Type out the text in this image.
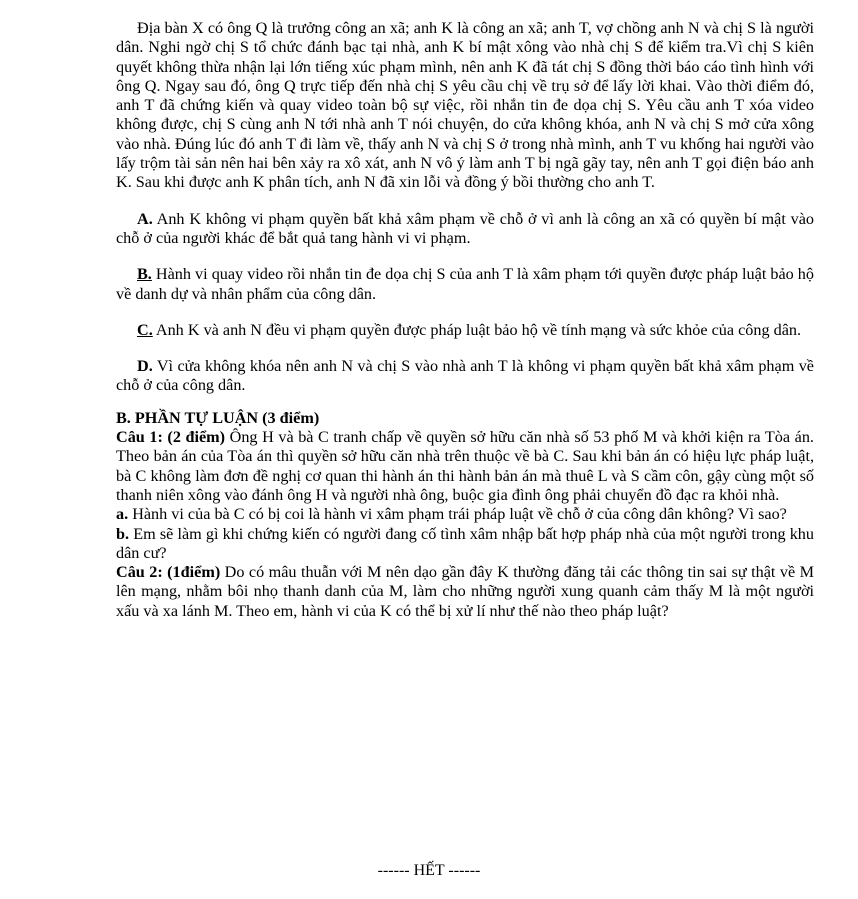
Địa bàn X có ông Q là trưởng công an xã; anh K là công an xã; anh T, vợ chồng anh N và chị S là người dân. Nghi ngờ chị S tổ chức đánh bạc tại nhà, anh K bí mật xông vào nhà chị S để kiểm tra.Vì chị S kiên quyết không thừa nhận lại lớn tiếng xúc phạm mình, nên anh K đã tát chị S đồng thời báo cáo tình hình với ông Q. Ngay sau đó, ông Q trực tiếp đến nhà chị S yêu cầu chị về trụ sở để lấy lời khai. Vào thời điểm đó, anh T đã chứng kiến và quay video toàn bộ sự việc, rồi nhắn tin đe dọa chị S. Yêu cầu anh T xóa video không được, chị S cùng anh N tới nhà anh T nói chuyện, do cửa không khóa, anh N và chị S mở cửa xông vào nhà. Đúng lúc đó anh T đi làm về, thấy anh N và chị S ở trong nhà mình, anh T vu khống hai người vào lấy trộm tài sản nên hai bên xảy ra xô xát, anh N vô ý làm anh T bị ngã gãy tay, nên anh T gọi điện báo anh K. Sau khi được anh K phân tích, anh N đã xin lỗi và đồng ý bồi thường cho anh T.

A. Anh K không vi phạm quyền bất khả xâm phạm về chỗ ở vì anh là công an xã có quyền bí mật vào chỗ ở của người khác để bắt quả tang hành vi vi phạm.

B. Hành vi quay video rồi nhắn tin đe dọa chị S của anh T là xâm phạm tới quyền được pháp luật bảo hộ về danh dự và nhân phẩm của công dân.

C. Anh K và anh N đều vi phạm quyền được pháp luật bảo hộ về tính mạng và sức khỏe của công dân.

D. Vì cửa không khóa nên anh N và chị S vào nhà anh T là không vi phạm quyền bất khả xâm phạm về chỗ ở của công dân.

B. PHẦN TỰ LUẬN (3 điểm)

Câu 1: (2 điểm) Ông H và bà C tranh chấp về quyền sở hữu căn nhà số 53 phố M và khởi kiện ra Tòa án. Theo bản án của Tòa án thì quyền sở hữu căn nhà trên thuộc về bà C. Sau khi bản án có hiệu lực pháp luật, bà C không làm đơn đề nghị cơ quan thi hành án thi hành bản án mà thuê L và S cầm côn, gậy cùng một số thanh niên xông vào đánh ông H và người nhà ông, buộc gia đình ông phải chuyển đồ đạc ra khỏi nhà.

a. Hành vi của bà C có bị coi là hành vi xâm phạm trái pháp luật về chỗ ở của công dân không? Vì sao?

b. Em sẽ làm gì khi chứng kiến có người đang cố tình xâm nhập bất hợp pháp nhà của một người trong khu dân cư?

Câu 2: (1điểm) Do có mâu thuẫn với M nên dạo gần đây K thường đăng tải các thông tin sai sự thật về M lên mạng, nhằm bôi nhọ thanh danh của M, làm cho những người xung quanh cảm thấy M là một người xấu và xa lánh M. Theo em, hành vi của K có thể bị xử lí như thế nào theo pháp luật?

------ HẾT ------
